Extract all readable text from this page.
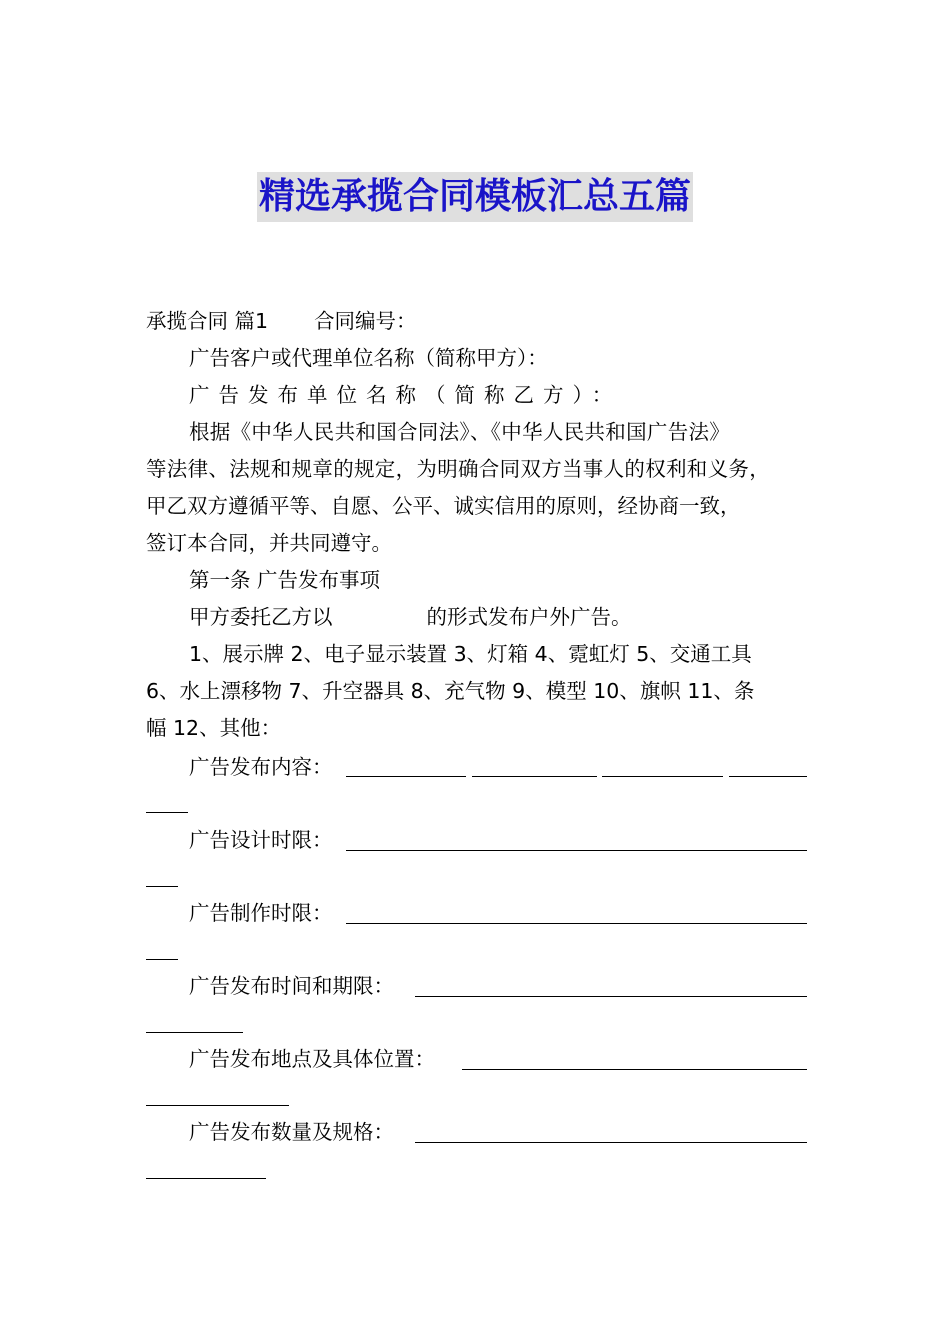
精选承揽合同模板汇总五篇

承揽合同 篇1 合同编号：

广告客户或代理单位名称（简称甲方）：

广告发布单位名称（简称乙方）：

根据《中华人民共和国合同法》、《中华人民共和国广告法》

等法律、法规和规章的规定，为明确合同双方当事人的权利和义务，

甲乙双方遵循平等、自愿、公平、诚实信用的原则，经协商一致，

签订本合同，并共同遵守。

第一条 广告发布事项

甲方委托乙方以	的形式发布户外广告。

1、展示牌 2、电子显示装置 3、灯箱 4、霓虹灯 5、交通工具

6、水上漂移物 7、升空器具 8、充气物 9、模型 10、旗帜 11、条

幅 12、其他：

广告发布内容：

广告设计时限：

广告制作时限：

广告发布时间和期限：

广告发布地点及具体位置：

广告发布数量及规格：
